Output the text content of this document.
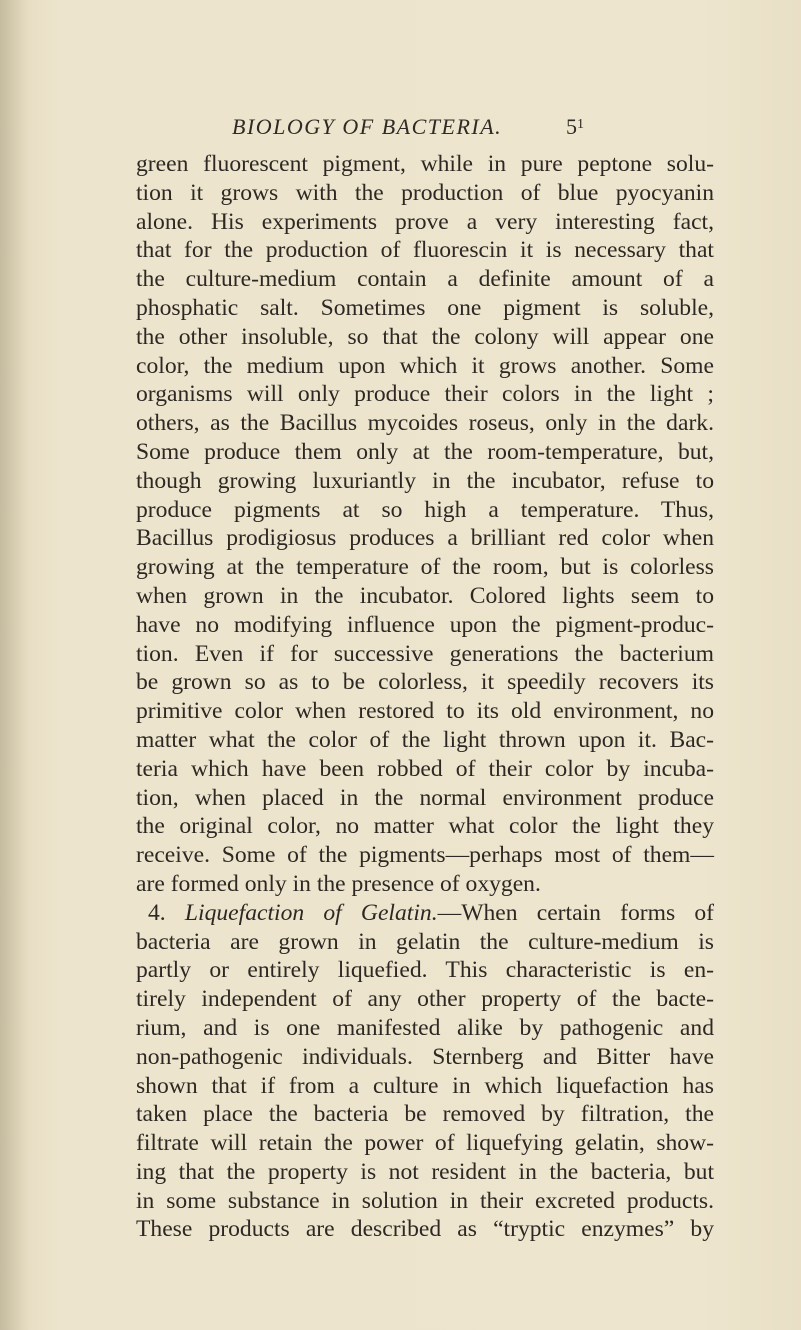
BIOLOGY OF BACTERIA.	$5^1$
green fluorescent pigment, while in pure peptone solu-
tion it grows with the production of blue pyocyanin
alone. His experiments prove a very interesting fact,
that for the production of fluorescin it is necessary that
the culture-medium contain a definite amount of a
phosphatic salt. Sometimes one pigment is soluble,
the other insoluble, so that the colony will appear one
color, the medium upon which it grows another. Some
organisms will only produce their colors in the light ;
others, as the Bacillus mycoides roseus, only in the dark.
Some produce them only at the room-temperature, but,
though growing luxuriantly in the incubator, refuse to
produce pigments at so high a temperature. Thus,
Bacillus prodigiosus produces a brilliant red color when
growing at the temperature of the room, but is colorless
when grown in the incubator. Colored lights seem to
have no modifying influence upon the pigment-produc-
tion. Even if for successive generations the bacterium
be grown so as to be colorless, it speedily recovers its
primitive color when restored to its old environment, no
matter what the color of the light thrown upon it. Bac-
teria which have been robbed of their color by incuba-
tion, when placed in the normal environment produce
the original color, no matter what color the light they
receive. Some of the pigments—perhaps most of them—
are formed only in the presence of oxygen.
4. Liquefaction of Gelatin.—When certain forms of
bacteria are grown in gelatin the culture-medium is
partly or entirely liquefied. This characteristic is en-
tirely independent of any other property of the bacte-
rium, and is one manifested alike by pathogenic and
non-pathogenic individuals. Sternberg and Bitter have
shown that if from a culture in which liquefaction has
taken place the bacteria be removed by filtration, the
filtrate will retain the power of liquefying gelatin, show-
ing that the property is not resident in the bacteria, but
in some substance in solution in their excreted products.
These products are described as “tryptic enzymes” by
